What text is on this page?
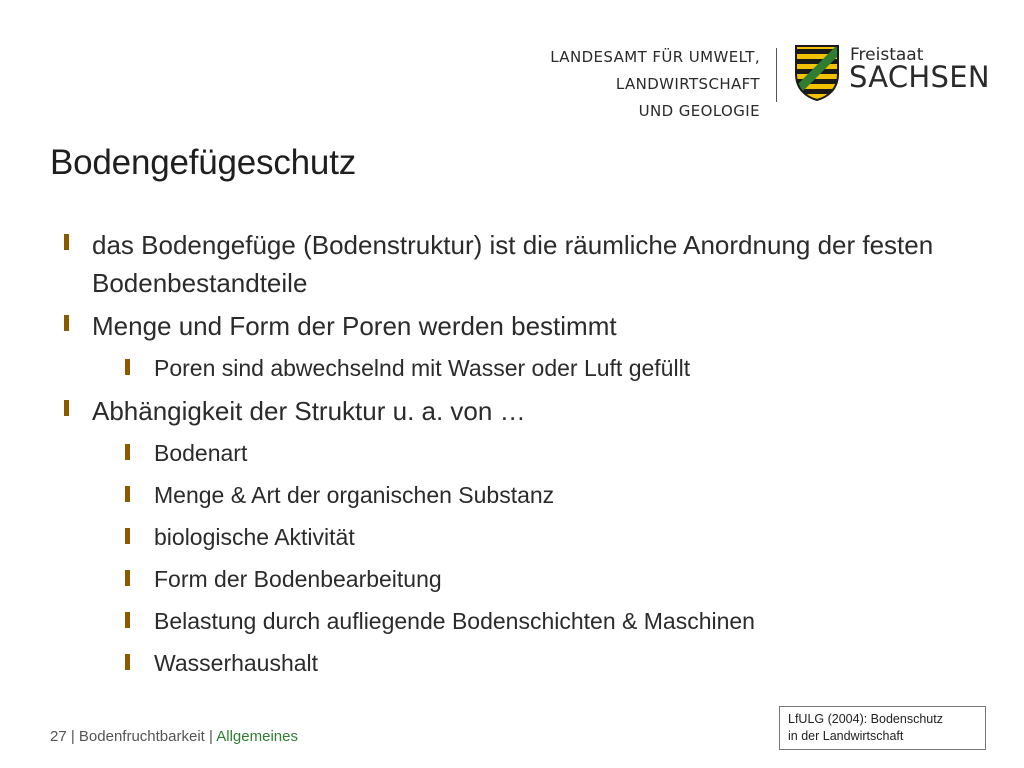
LANDESAMT FÜR UMWELT,
LANDWIRTSCHAFT
UND GEOLOGIE
Freistaat
SACHSEN
Bodengefügeschutz
das Bodengefüge (Bodenstruktur) ist die räumliche Anordnung der festen Bodenbestandteile
Menge und Form der Poren werden bestimmt
Poren sind abwechselnd mit Wasser oder Luft gefüllt
Abhängigkeit der Struktur u. a. von …
Bodenart
Menge & Art der organischen Substanz
biologische Aktivität
Form der Bodenbearbeitung
Belastung durch aufliegende Bodenschichten & Maschinen
Wasserhaushalt
27 | Bodenfruchtbarkeit | Allgemeines
LfULG (2004): Bodenschutz
in der Landwirtschaft
